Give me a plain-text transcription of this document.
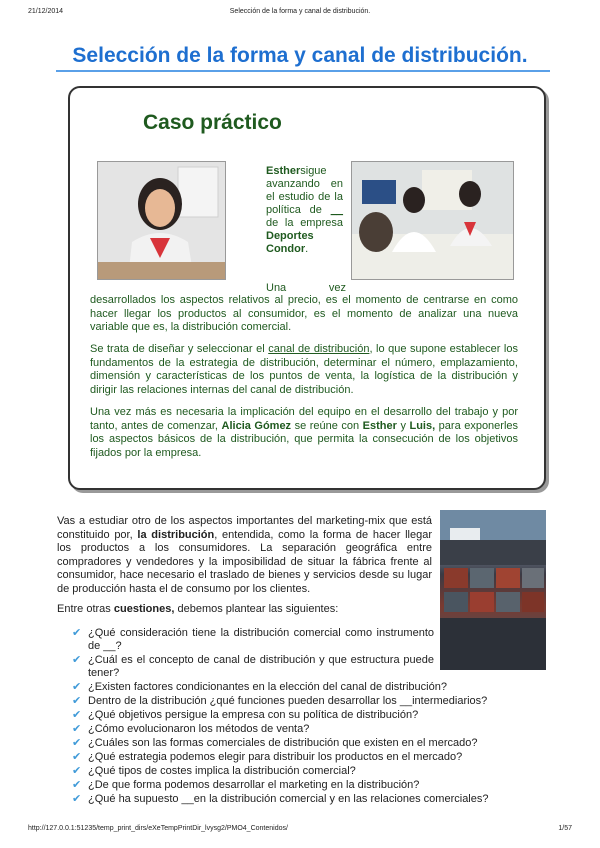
21/12/2014	Selección de la forma y canal de distribución.
Selección de la forma y canal de distribución.
Caso práctico
Esthersigue avanzando en el estudio de la política de __ de la empresa Deportes Condor.
Una	vez
desarrollados los aspectos relativos al precio, es el momento de centrarse en como hacer llegar los productos al consumidor, es el momento de analizar una nueva variable que es, la distribución comercial.
Se trata de diseñar y seleccionar el canal de distribución, lo que supone establecer los fundamentos de la estrategia de distribución, determinar el número, emplazamiento, dimensión y características de los puntos de venta, la logística de la distribución y dirigir las relaciones internas del canal de distribución.
Una vez más es necesaria la implicación del equipo en el desarrollo del trabajo y por tanto, antes de comenzar, Alicia Gómez se reúne con Esther y Luis, para exponerles los aspectos básicos de la distribución, que permita la consecución de los objetivos fijados por la empresa.
Vas a estudiar otro de los aspectos importantes del marketing-mix que está constituido por, la distribución, entendida, como la forma de hacer llegar los productos a los consumidores. La separación geográfica entre compradores y vendedores y la imposibilidad de situar la fábrica frente al consumidor, hace necesario el traslado de bienes y servicios desde su lugar de producción hasta el de consumo por los clientes.
Entre otras cuestiones, debemos plantear las siguientes:
✔ ¿Qué consideración tiene la distribución comercial como instrumento de __?
✔ ¿Cuál es el concepto de canal de distribución y que estructura puede tener?
✔ ¿Existen factores condicionantes en la elección del canal de distribución?
✔ Dentro de la distribución ¿qué funciones pueden desarrollar los __intermediarios?
✔ ¿Qué objetivos persigue la empresa con su política de distribución?
✔ ¿Cómo evolucionaron los métodos de venta?
✔ ¿Cuáles son las formas comerciales de distribución que existen en el mercado?
✔ ¿Qué estrategia podemos elegir para distribuir los productos en el mercado?
✔ ¿Qué tipos de costes implica la distribución comercial?
✔ ¿De que forma podemos desarrollar el marketing en la distribución?
✔ ¿Qué ha supuesto __en la distribución comercial y en las relaciones comerciales?
http://127.0.0.1:51235/temp_print_dirs/eXeTempPrintDir_lvysg2/PMO4_Contenidos/	1/57
